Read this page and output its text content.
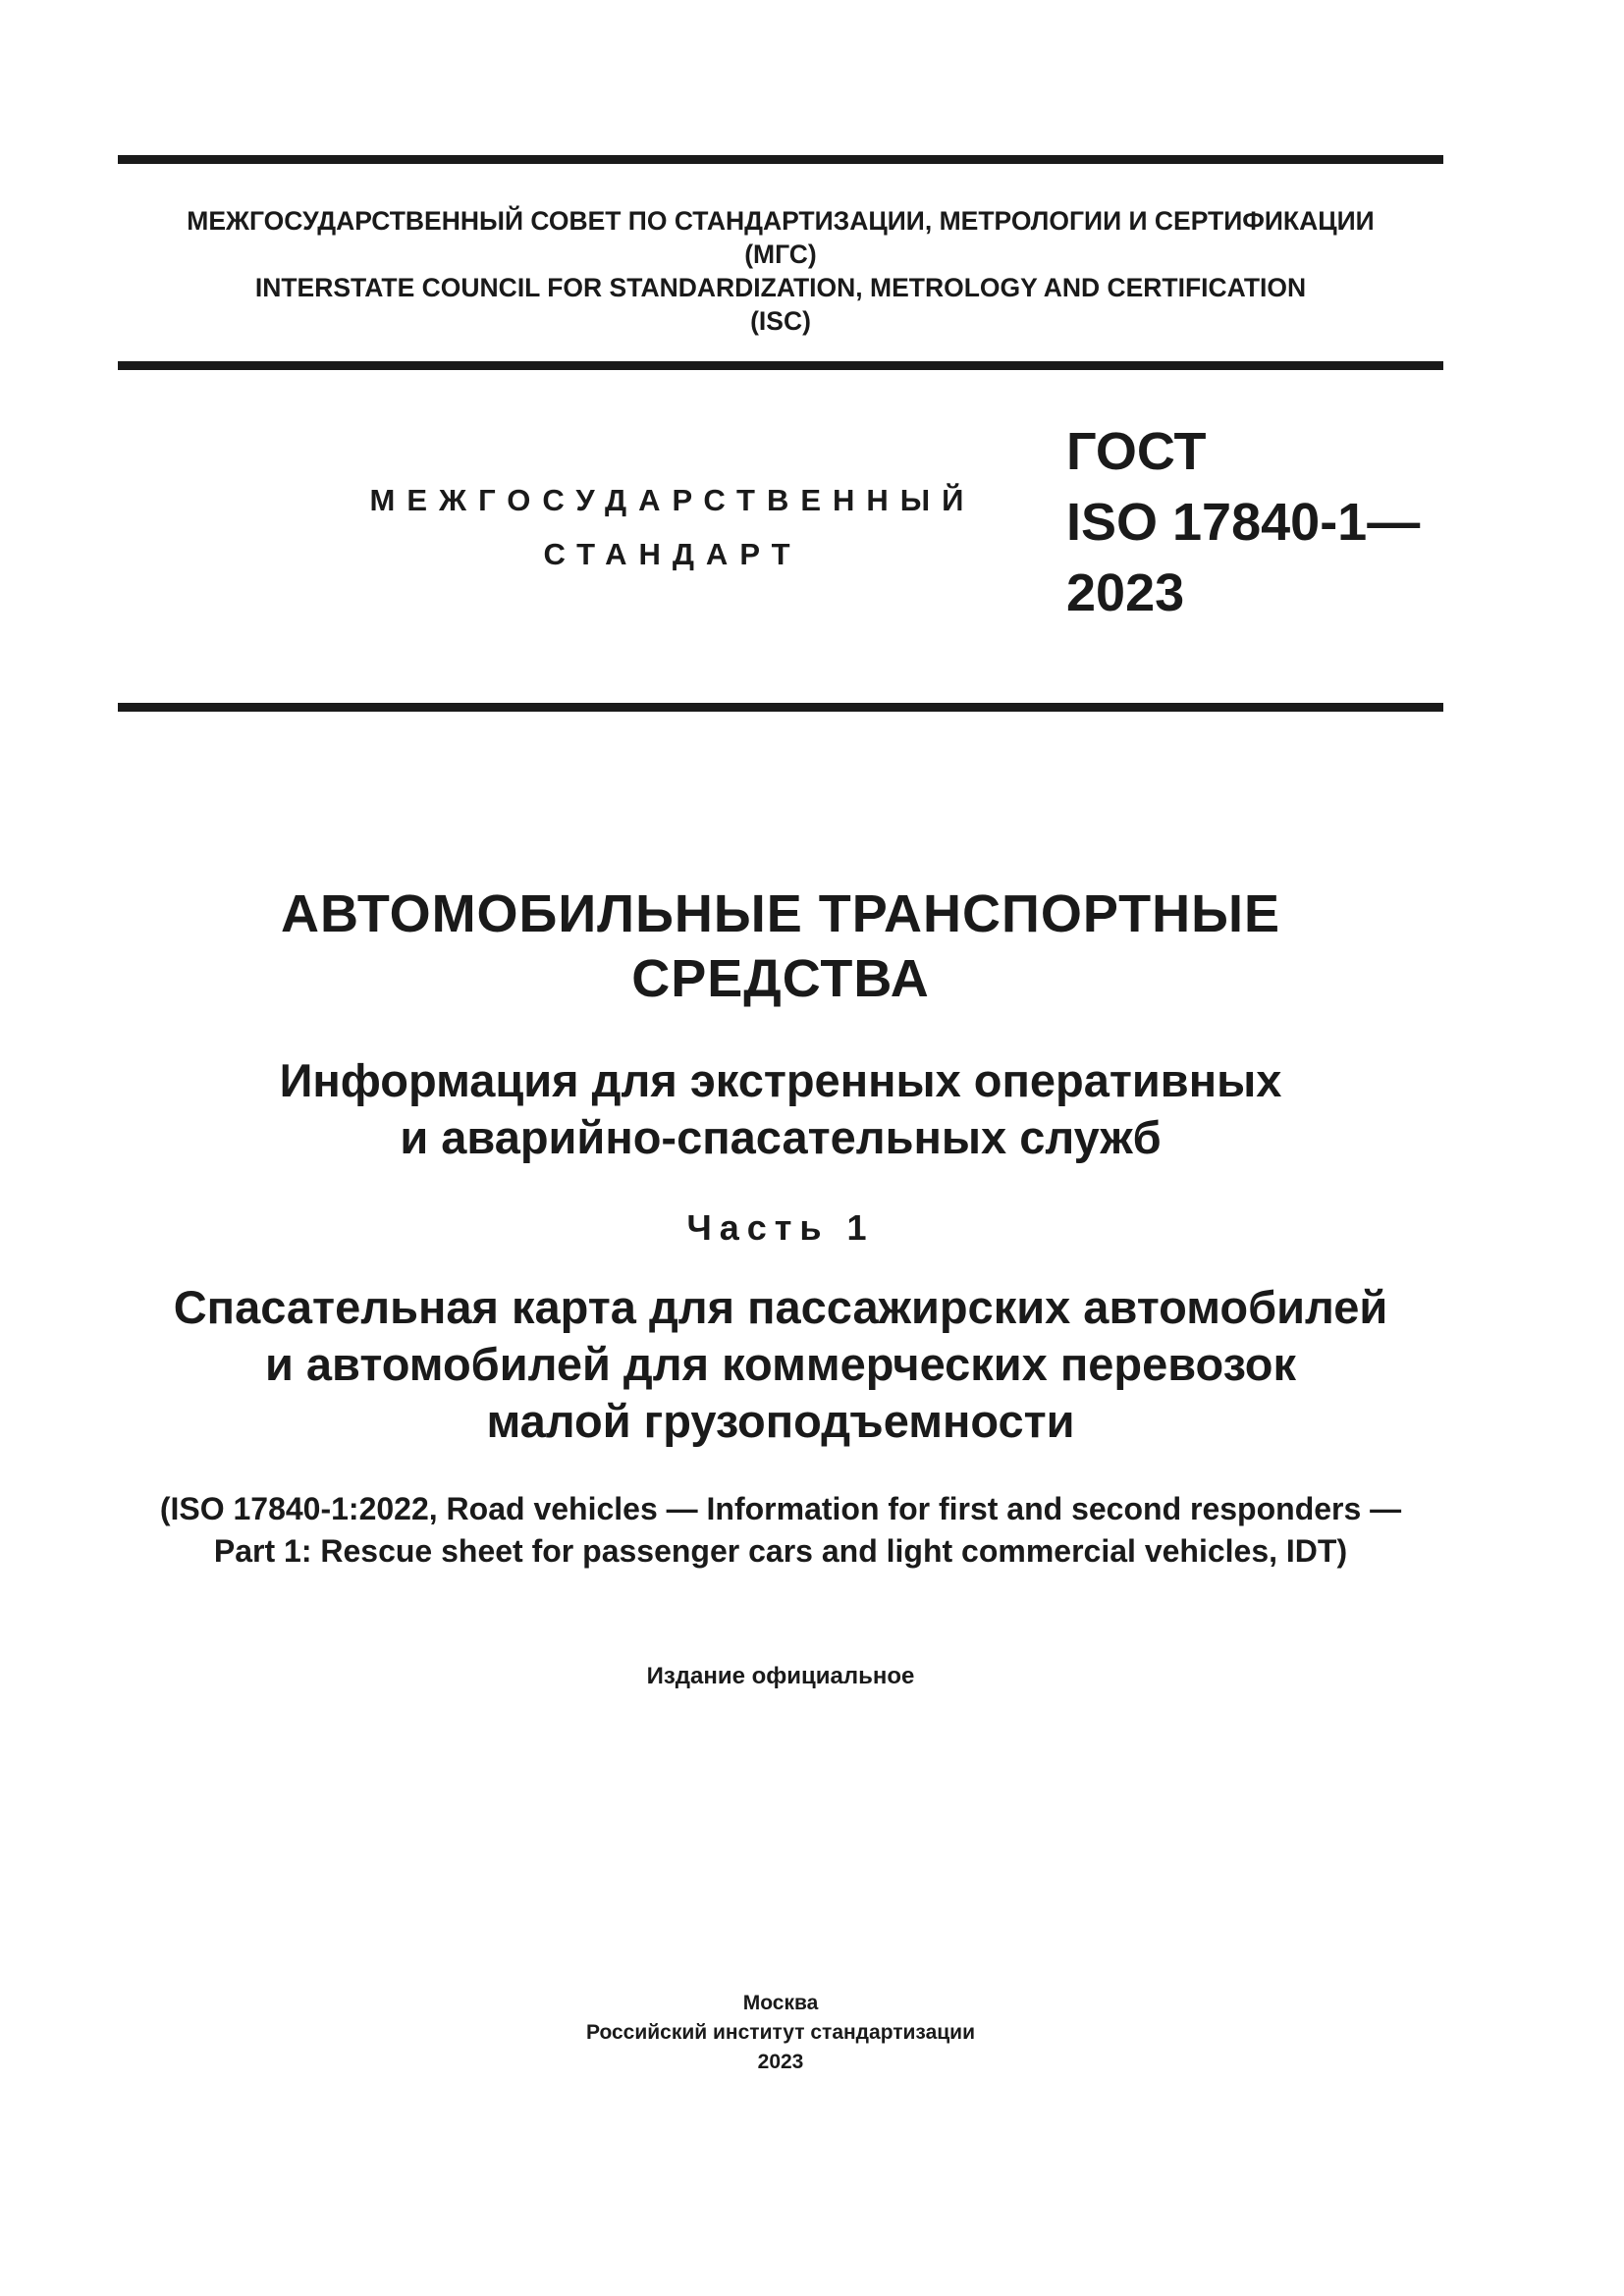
МЕЖГОСУДАРСТВЕННЫЙ СОВЕТ ПО СТАНДАРТИЗАЦИИ, МЕТРОЛОГИИ И СЕРТИФИКАЦИИ
(МГС)
INTERSTATE COUNCIL FOR STANDARDIZATION, METROLOGY AND CERTIFICATION
(ISC)
МЕЖГОСУДАРСТВЕННЫЙ
СТАНДАРТ
ГОСТ
ISO 17840-1—
2023
АВТОМОБИЛЬНЫЕ ТРАНСПОРТНЫЕ
СРЕДСТВА
Информация для экстренных оперативных
и аварийно-спасательных служб
Часть 1
Спасательная карта для пассажирских автомобилей
и автомобилей для коммерческих перевозок
малой грузоподъемности
(ISO 17840-1:2022, Road vehicles — Information for first and second responders —
Part 1: Rescue sheet for passenger cars and light commercial vehicles, IDT)
Издание официальное
Москва
Российский институт стандартизации
2023
